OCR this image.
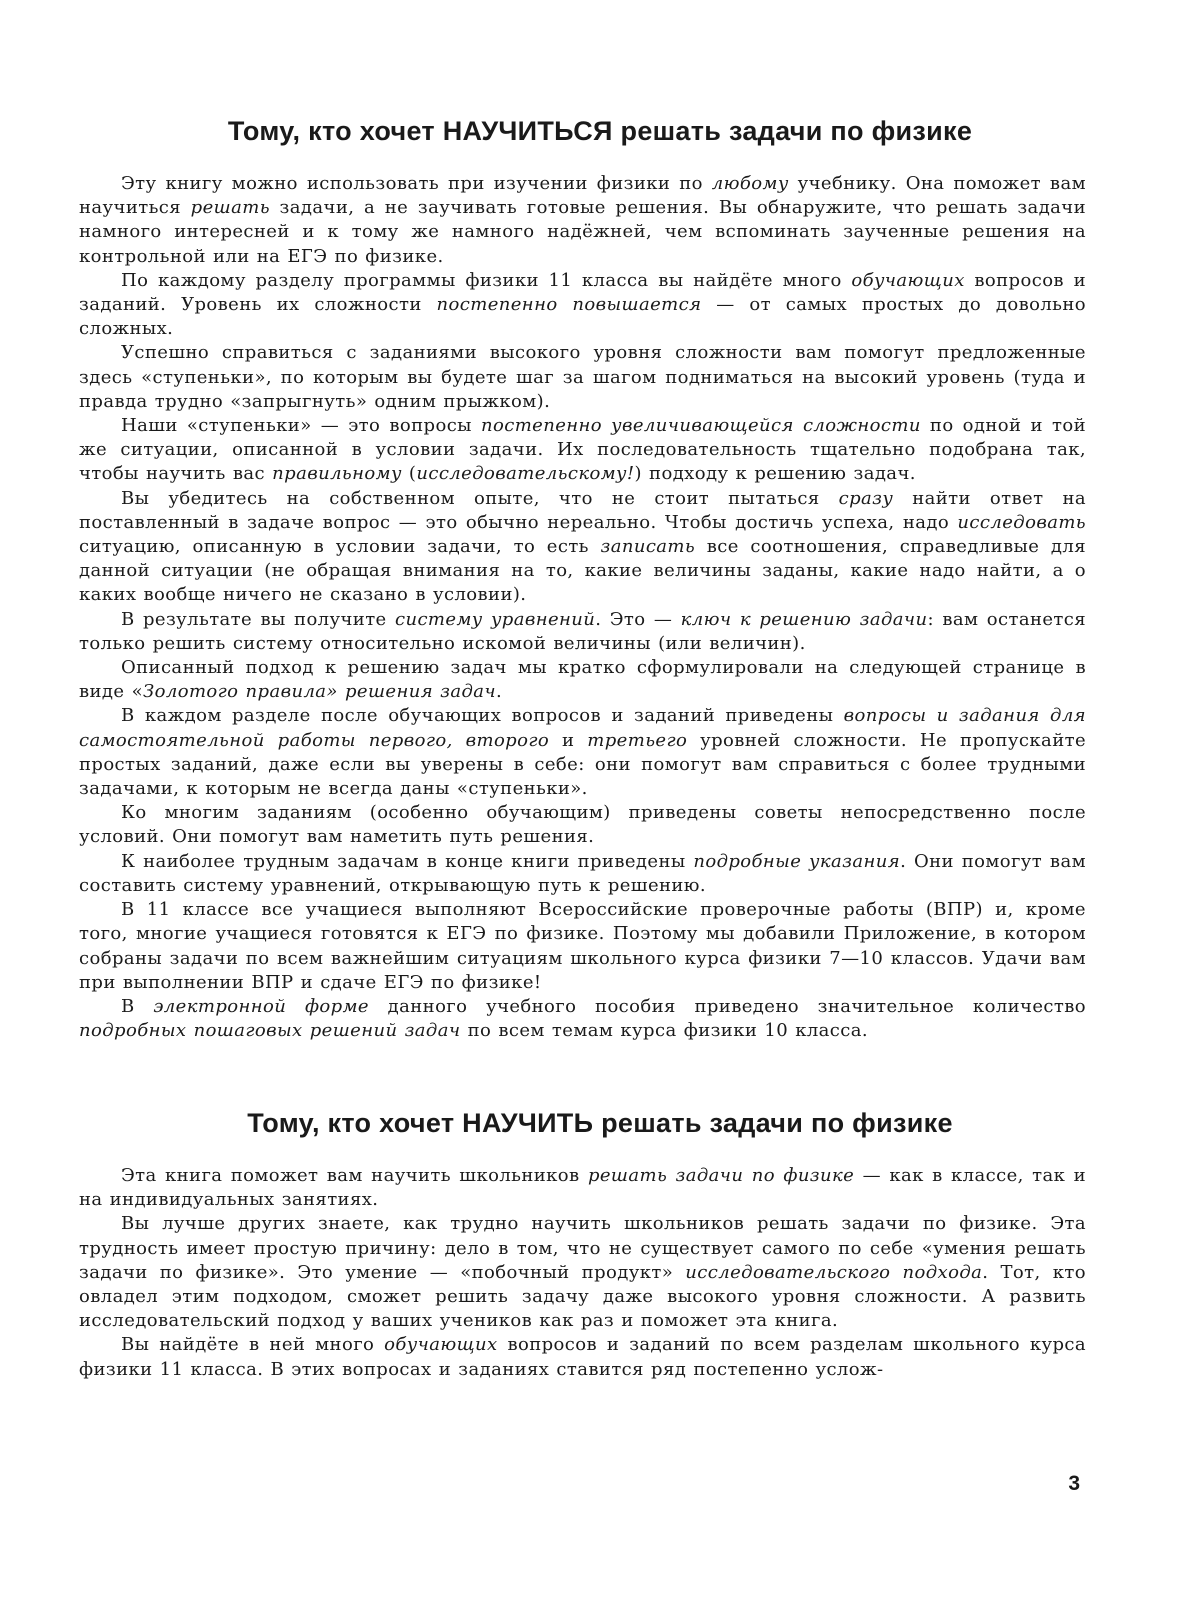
Тому, кто хочет НАУЧИТЬСЯ решать задачи по физике

Эту книгу можно использовать при изучении физики по любому учебнику. Она поможет вам научиться решать задачи, а не заучивать готовые решения. Вы обнаружите, что решать задачи намного интересней и к тому же намного надёжней, чем вспоминать заученные решения на контрольной или на ЕГЭ по физике.

По каждому разделу программы физики 11 класса вы найдёте много обучающих вопросов и заданий. Уровень их сложности постепенно повышается — от самых простых до довольно сложных.

Успешно справиться с заданиями высокого уровня сложности вам помогут предложенные здесь «ступеньки», по которым вы будете шаг за шагом подниматься на высокий уровень (туда и правда трудно «запрыгнуть» одним прыжком).

Наши «ступеньки» — это вопросы постепенно увеличивающейся сложности по одной и той же ситуации, описанной в условии задачи. Их последовательность тщательно подобрана так, чтобы научить вас правильному (исследовательскому!) подходу к решению задач.

Вы убедитесь на собственном опыте, что не стоит пытаться сразу найти ответ на поставленный в задаче вопрос — это обычно нереально. Чтобы достичь успеха, надо исследовать ситуацию, описанную в условии задачи, то есть записать все соотношения, справедливые для данной ситуации (не обращая внимания на то, какие величины заданы, какие надо найти, а о каких вообще ничего не сказано в условии).

В результате вы получите систему уравнений. Это — ключ к решению задачи: вам останется только решить систему относительно искомой величины (или величин).

Описанный подход к решению задач мы кратко сформулировали на следующей странице в виде «Золотого правила» решения задач.

В каждом разделе после обучающих вопросов и заданий приведены вопросы и задания для самостоятельной работы первого, второго и третьего уровней сложности. Не пропускайте простых заданий, даже если вы уверены в себе: они помогут вам справиться с более трудными задачами, к которым не всегда даны «ступеньки».

Ко многим заданиям (особенно обучающим) приведены советы непосредственно после условий. Они помогут вам наметить путь решения.

К наиболее трудным задачам в конце книги приведены подробные указания. Они помогут вам составить систему уравнений, открывающую путь к решению.

В 11 классе все учащиеся выполняют Всероссийские проверочные работы (ВПР) и, кроме того, многие учащиеся готовятся к ЕГЭ по физике. Поэтому мы добавили Приложение, в котором собраны задачи по всем важнейшим ситуациям школьного курса физики 7—10 классов. Удачи вам при выполнении ВПР и сдаче ЕГЭ по физике!

В электронной форме данного учебного пособия приведено значительное количество подробных пошаговых решений задач по всем темам курса физики 10 класса.

Тому, кто хочет НАУЧИТЬ решать задачи по физике

Эта книга поможет вам научить школьников решать задачи по физике — как в классе, так и на индивидуальных занятиях.

Вы лучше других знаете, как трудно научить школьников решать задачи по физике. Эта трудность имеет простую причину: дело в том, что не существует самого по себе «умения решать задачи по физике». Это умение — «побочный продукт» исследовательского подхода. Тот, кто овладел этим подходом, сможет решить задачу даже высокого уровня сложности. А развить исследовательский подход у ваших учеников как раз и поможет эта книга.

Вы найдёте в ней много обучающих вопросов и заданий по всем разделам школьного курса физики 11 класса. В этих вопросах и заданиях ставится ряд постепенно услож-

3
